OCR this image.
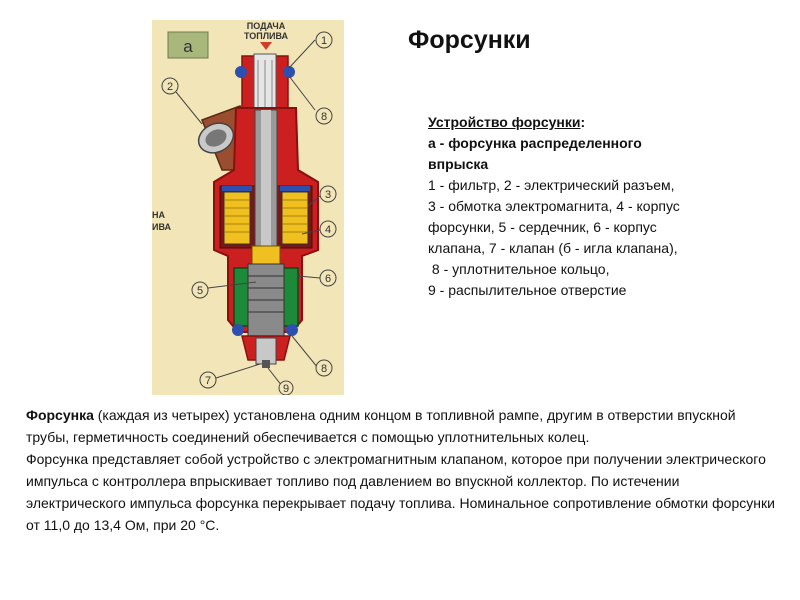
а
ПОДАЧА
ТОПЛИВА
НА
ИВА
1
2
3
4
5
6
7
8
8
9
Форсунки
Устройство форсунки:
а - форсунка распределенного
впрыска
1 - фильтр, 2 - электрический разъем,
3 - обмотка электромагнита, 4 - корпус
форсунки, 5 - сердечник, 6 - корпус
клапана, 7 - клапан (б - игла клапана),
8 - уплотнительное кольцо,
9 - распылительное отверстие

Форсунка (каждая из четырех) установлена одним концом в топливной рампе, другим в отверстии впускной трубы, герметичность соединений обеспечивается с помощью уплотнительных колец.

Форсунка представляет собой устройство с электромагнитным клапаном, которое при получении электрического импульса с контроллера впрыскивает топливо под давлением во впускной коллектор. По истечении электрического импульса форсунка перекрывает подачу топлива. Номинальное сопротивление обмотки форсунки от 11,0 до 13,4 Ом, при 20 °С.
